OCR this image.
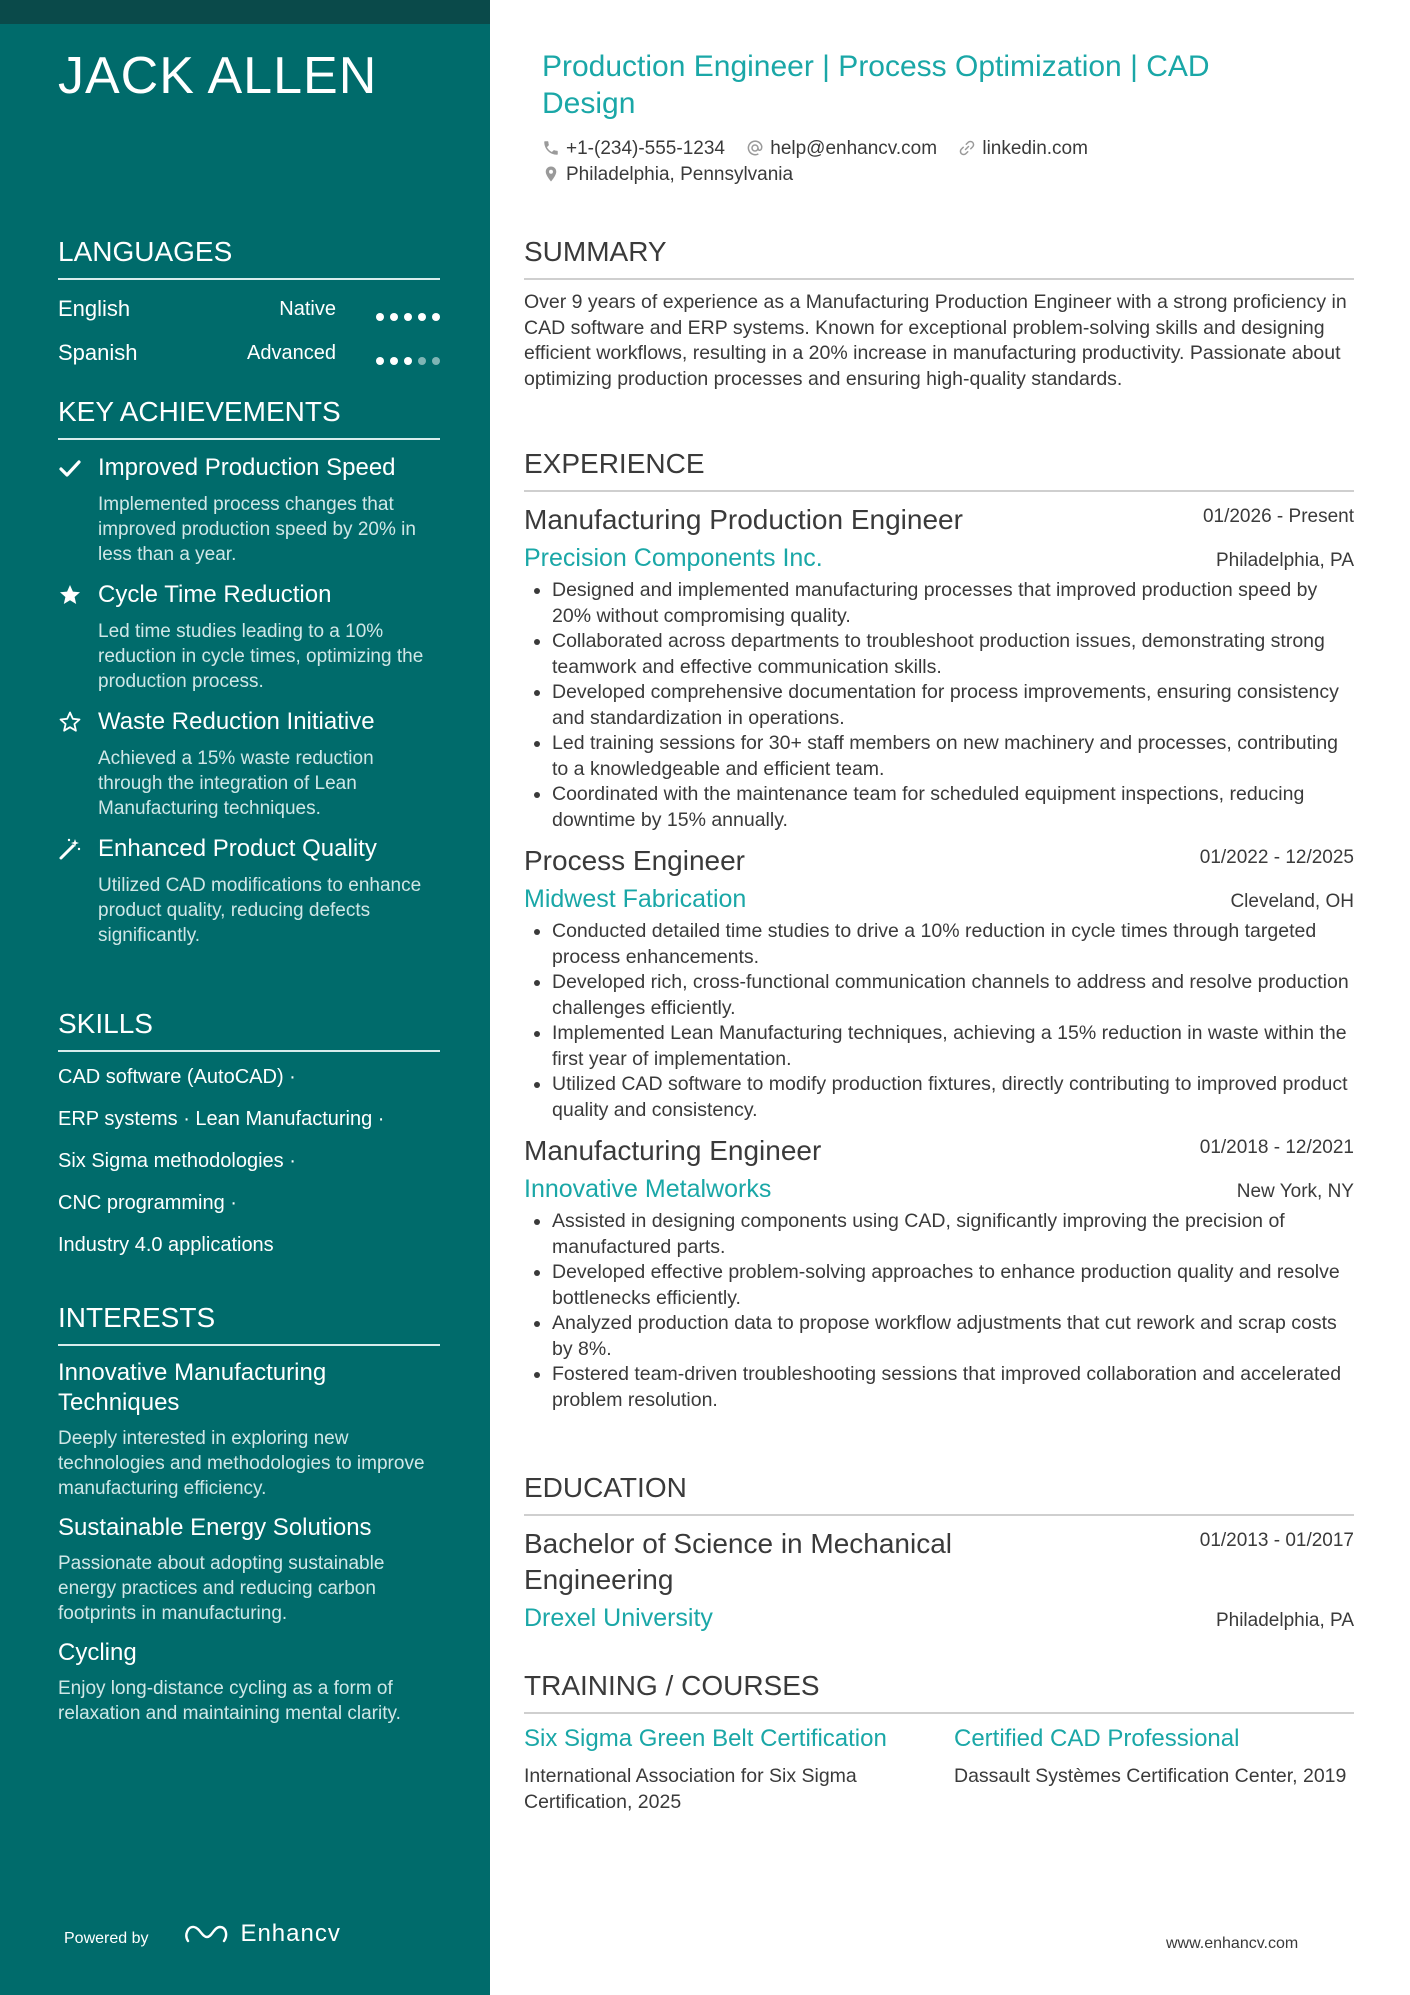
JACK ALLEN
LANGUAGES
English	Native
Spanish	Advanced
KEY ACHIEVEMENTS
Improved Production Speed
Implemented process changes that improved production speed by 20% in less than a year.
Cycle Time Reduction
Led time studies leading to a 10% reduction in cycle times, optimizing the production process.
Waste Reduction Initiative
Achieved a 15% waste reduction through the integration of Lean Manufacturing techniques.
Enhanced Product Quality
Utilized CAD modifications to enhance product quality, reducing defects significantly.
SKILLS
CAD software (AutoCAD) ·
ERP systems · Lean Manufacturing ·
Six Sigma methodologies ·
CNC programming ·
Industry 4.0 applications
INTERESTS
Innovative Manufacturing Techniques
Deeply interested in exploring new technologies and methodologies to improve manufacturing efficiency.
Sustainable Energy Solutions
Passionate about adopting sustainable energy practices and reducing carbon footprints in manufacturing.
Cycling
Enjoy long-distance cycling as a form of relaxation and maintaining mental clarity.
Powered by	Enhancv
Production Engineer | Process Optimization | CAD Design
+1-(234)-555-1234 help@enhancv.com linkedin.com
Philadelphia, Pennsylvania
SUMMARY
Over 9 years of experience as a Manufacturing Production Engineer with a strong proficiency in CAD software and ERP systems. Known for exceptional problem-solving skills and designing efficient workflows, resulting in a 20% increase in manufacturing productivity. Passionate about optimizing production processes and ensuring high-quality standards.
EXPERIENCE
Manufacturing Production Engineer	01/2026 - Present
Precision Components Inc.	Philadelphia, PA
• Designed and implemented manufacturing processes that improved production speed by 20% without compromising quality.
• Collaborated across departments to troubleshoot production issues, demonstrating strong teamwork and effective communication skills.
• Developed comprehensive documentation for process improvements, ensuring consistency and standardization in operations.
• Led training sessions for 30+ staff members on new machinery and processes, contributing to a knowledgeable and efficient team.
• Coordinated with the maintenance team for scheduled equipment inspections, reducing downtime by 15% annually.
Process Engineer	01/2022 - 12/2025
Midwest Fabrication	Cleveland, OH
• Conducted detailed time studies to drive a 10% reduction in cycle times through targeted process enhancements.
• Developed rich, cross-functional communication channels to address and resolve production challenges efficiently.
• Implemented Lean Manufacturing techniques, achieving a 15% reduction in waste within the first year of implementation.
• Utilized CAD software to modify production fixtures, directly contributing to improved product quality and consistency.
Manufacturing Engineer	01/2018 - 12/2021
Innovative Metalworks	New York, NY
• Assisted in designing components using CAD, significantly improving the precision of manufactured parts.
• Developed effective problem-solving approaches to enhance production quality and resolve bottlenecks efficiently.
• Analyzed production data to propose workflow adjustments that cut rework and scrap costs by 8%.
• Fostered team-driven troubleshooting sessions that improved collaboration and accelerated problem resolution.
EDUCATION
Bachelor of Science in Mechanical Engineering
01/2013 - 01/2017
Drexel University	Philadelphia, PA
TRAINING / COURSES
Six Sigma Green Belt Certification
International Association for Six Sigma Certification, 2025
Certified CAD Professional
Dassault Systèmes Certification Center, 2019
www.enhancv.com
